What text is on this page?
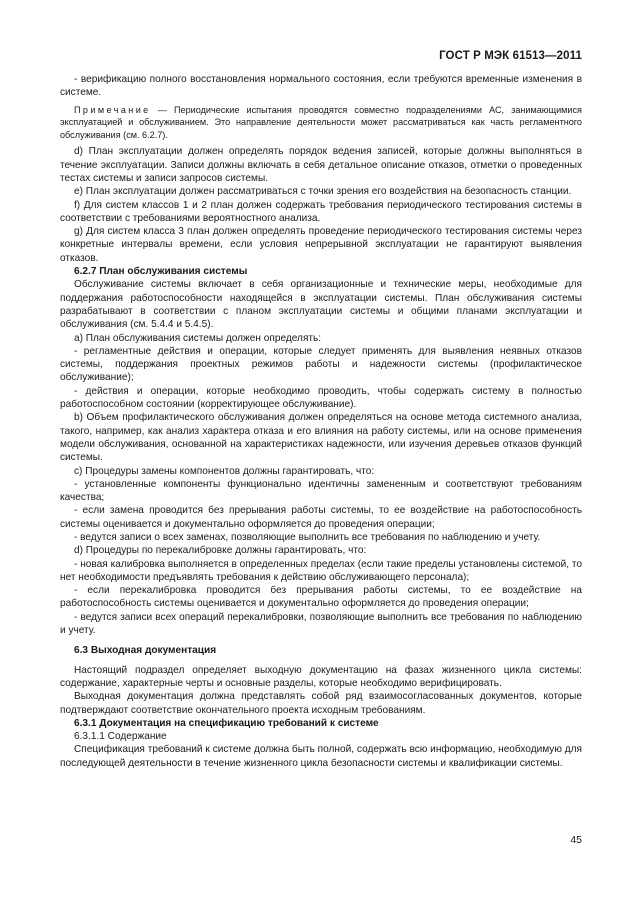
ГОСТ Р МЭК 61513—2011

- верификацию полного восстановления нормального состояния, если требуются временные изменения в системе.

Примечание — Периодические испытания проводятся совместно подразделениями АС, занимающимися эксплуатацией и обслуживанием. Это направление деятельности может рассматриваться как часть регламентного обслуживания (см. 6.2.7).

d) План эксплуатации должен определять порядок ведения записей, которые должны выполняться в течение эксплуатации. Записи должны включать в себя детальное описание отказов, отметки о проведенных тестах системы и записи запросов системы.

e) План эксплуатации должен рассматриваться с точки зрения его воздействия на безопасность станции.

f) Для систем классов 1 и 2 план должен содержать требования периодического тестирования системы в соответствии с требованиями вероятностного анализа.

g) Для систем класса 3 план должен определять проведение периодического тестирования системы через конкретные интервалы времени, если условия непрерывной эксплуатации не гарантируют выявления отказов.

6.2.7 План обслуживания системы

Обслуживание системы включает в себя организационные и технические меры, необходимые для поддержания работоспособности находящейся в эксплуатации системы. План обслуживания системы разрабатывают в соответствии с планом эксплуатации системы и общими планами эксплуатации и обслуживания (см. 5.4.4 и 5.4.5).

a) План обслуживания системы должен определять:

- регламентные действия и операции, которые следует применять для выявления неявных отказов системы, поддержания проектных режимов работы и надежности системы (профилактическое обслуживание);

- действия и операции, которые необходимо проводить, чтобы содержать систему в полностью работоспособном состоянии (корректирующее обслуживание).

b) Объем профилактического обслуживания должен определяться на основе метода системного анализа, такого, например, как анализ характера отказа и его влияния на работу системы, или на основе применения модели обслуживания, основанной на характеристиках надежности, или изучения деревьев отказов функций системы.

c) Процедуры замены компонентов должны гарантировать, что:

- установленные компоненты функционально идентичны замененным и соответствуют требованиям качества;

- если замена проводится без прерывания работы системы, то ее воздействие на работоспособность системы оценивается и документально оформляется до проведения операции;

- ведутся записи о всех заменах, позволяющие выполнить все требования по наблюдению и учету.

d) Процедуры по перекалибровке должны гарантировать, что:

- новая калибровка выполняется в определенных пределах (если такие пределы установлены системой, то нет необходимости предъявлять требования к действию обслуживающего персонала);

- если перекалибровка проводится без прерывания работы системы, то ее воздействие на работоспособность системы оценивается и документально оформляется до проведения операции;

- ведутся записи всех операций перекалибровки, позволяющие выполнить все требования по наблюдению и учету.

6.3 Выходная документация

Настоящий подраздел определяет выходную документацию на фазах жизненного цикла системы: содержание, характерные черты и основные разделы, которые необходимо верифицировать.

Выходная документация должна представлять собой ряд взаимосогласованных документов, которые подтверждают соответствие окончательного проекта исходным требованиям.

6.3.1 Документация на спецификацию требований к системе

6.3.1.1 Содержание

Спецификация требований к системе должна быть полной, содержать всю информацию, необходимую для последующей деятельности в течение жизненного цикла безопасности системы и квалификации системы.

45
